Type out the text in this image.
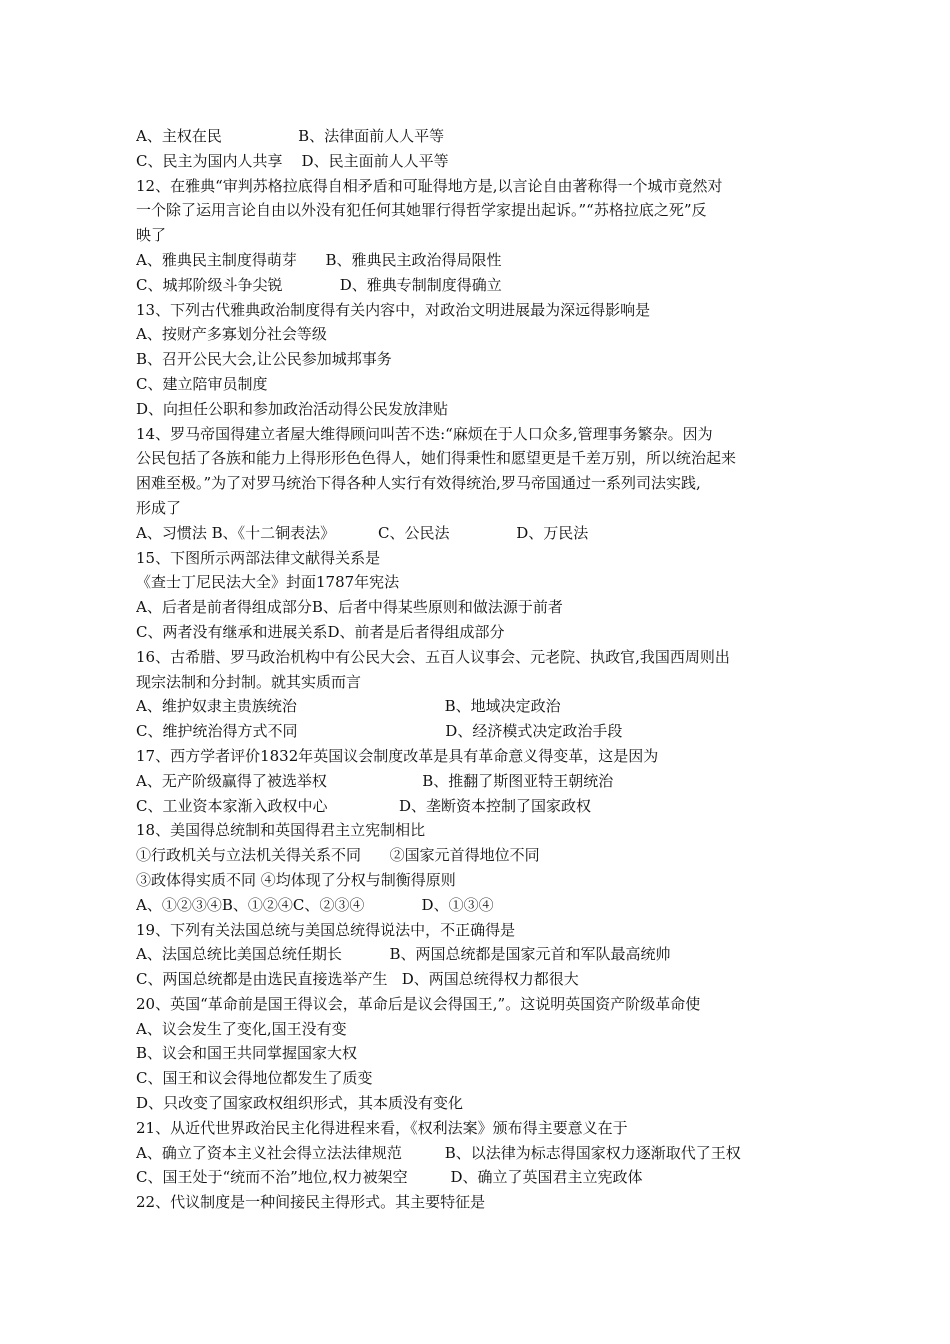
A、主权在民                B、法律面前人人平等
C、民主为国内人共享    D、民主面前人人平等
12、在雅典“审判苏格拉底得自相矛盾和可耻得地方是,以言论自由著称得一个城市竟然对
一个除了运用言论自由以外没有犯任何其她罪行得哲学家提出起诉。”“苏格拉底之死”反
映了
A、雅典民主制度得萌芽      B、雅典民主政治得局限性
C、城邦阶级斗争尖锐            D、雅典专制制度得确立
13、下列古代雅典政治制度得有关内容中，对政治文明进展最为深远得影响是
A、按财产多寡划分社会等级
B、召开公民大会,让公民参加城邦事务
C、建立陪审员制度
D、向担任公职和参加政治活动得公民发放津贴
14、罗马帝国得建立者屋大维得顾问叫苦不迭:“麻烦在于人口众多,管理事务繁杂。因为
公民包括了各族和能力上得形形色色得人，她们得秉性和愿望更是千差万别，所以统治起来
困难至极。”为了对罗马统治下得各种人实行有效得统治,罗马帝国通过一系列司法实践,
形成了
A、习惯法 B、《十二铜表法》         C、公民法              D、万民法
15、下图所示两部法律文献得关系是
《查士丁尼民法大全》封面1787年宪法
A、后者是前者得组成部分B、后者中得某些原则和做法源于前者
C、两者没有继承和进展关系D、前者是后者得组成部分
16、古希腊、罗马政治机构中有公民大会、五百人议事会、元老院、执政官,我国西周则出
现宗法制和分封制。就其实质而言
A、维护奴隶主贵族统治                               B、地域决定政治
C、维护统治得方式不同                               D、经济模式决定政治手段
17、西方学者评价1832年英国议会制度改革是具有革命意义得变革，这是因为
A、无产阶级赢得了被选举权                    B、推翻了斯图亚特王朝统治
C、工业资本家渐入政权中心               D、垄断资本控制了国家政权
18、美国得总统制和英国得君主立宪制相比
①行政机关与立法机关得关系不同      ②国家元首得地位不同
③政体得实质不同 ④均体现了分权与制衡得原则
A、①②③④B、①②④C、②③④            D、①③④
19、下列有关法国总统与美国总统得说法中，不正确得是
A、法国总统比美国总统任期长          B、两国总统都是国家元首和军队最高统帅
C、两国总统都是由选民直接选举产生   D、两国总统得权力都很大
20、英国“革命前是国王得议会，革命后是议会得国王,”。这说明英国资产阶级革命使
A、议会发生了变化,国王没有变
B、议会和国王共同掌握国家大权
C、国王和议会得地位都发生了质变
D、只改变了国家政权组织形式，其本质没有变化
21、从近代世界政治民主化得进程来看，《权利法案》颁布得主要意义在于
A、确立了资本主义社会得立法法律规范         B、以法律为标志得国家权力逐渐取代了王权
C、国王处于“统而不治”地位,权力被架空         D、确立了英国君主立宪政体
22、代议制度是一种间接民主得形式。其主要特征是
